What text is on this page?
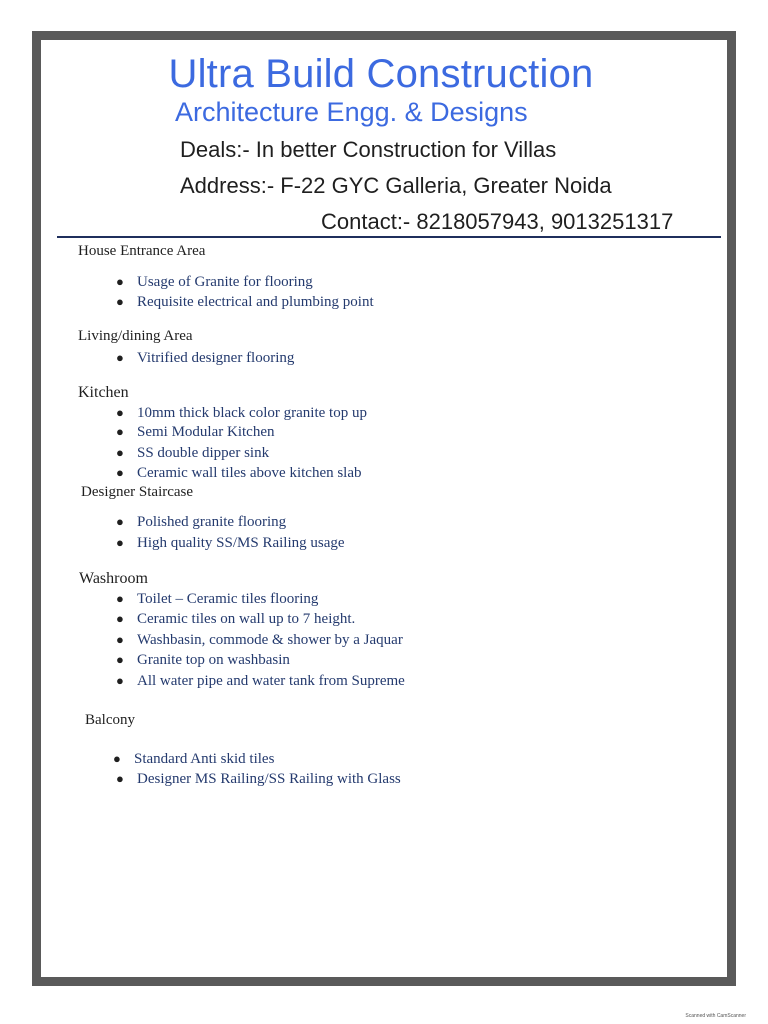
Ultra Build Construction
Architecture Engg. & Designs
Deals:- In better Construction for Villas
Address:- F-22 GYC Galleria, Greater Noida
Contact:- 8218057943, 9013251317
House Entrance Area
● Usage of Granite for flooring
● Requisite electrical and plumbing point
Living/dining Area
● Vitrified designer flooring
Kitchen
● 10mm thick black color granite top up
● Semi Modular Kitchen
● SS double dipper sink
● Ceramic wall tiles above kitchen slab
Designer Staircase
● Polished granite flooring
● High quality SS/MS Railing usage
Washroom
● Toilet – Ceramic tiles flooring
● Ceramic tiles on wall up to 7 height.
● Washbasin, commode & shower by a Jaquar
● Granite top on washbasin
● All water pipe and water tank from Supreme
Balcony
● Standard Anti skid tiles
● Designer MS Railing/SS Railing with Glass
Scanned with CamScanner
